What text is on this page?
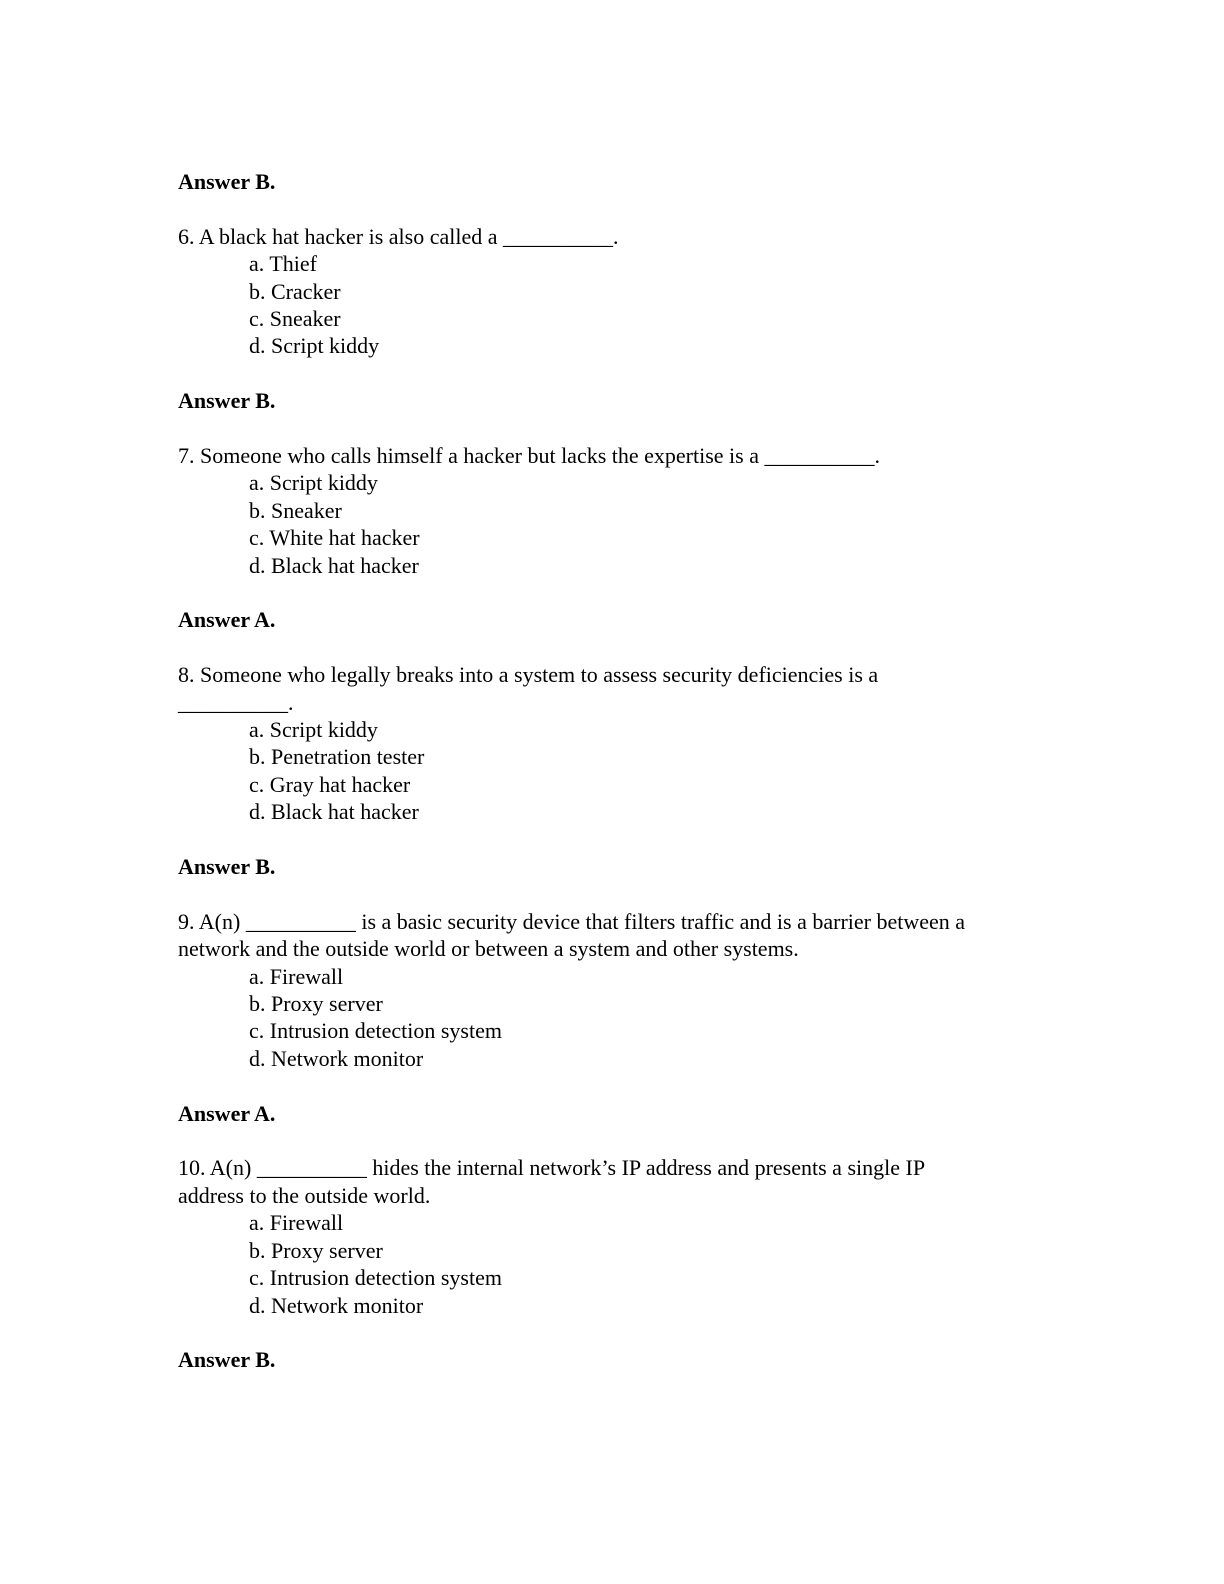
Answer B.

6. A black hat hacker is also called a __________.

a. Thief

b. Cracker

c. Sneaker

d. Script kiddy

Answer B.

7. Someone who calls himself a hacker but lacks the expertise is a __________.

a. Script kiddy

b. Sneaker

c. White hat hacker

d. Black hat hacker

Answer A.

8. Someone who legally breaks into a system to assess security deficiencies is a

__________.

a. Script kiddy

b. Penetration tester

c. Gray hat hacker

d. Black hat hacker

Answer B.

9. A(n) __________ is a basic security device that filters traffic and is a barrier between a

network and the outside world or between a system and other systems.

a. Firewall

b. Proxy server

c. Intrusion detection system

d. Network monitor

Answer A.

10. A(n) __________ hides the internal network’s IP address and presents a single IP

address to the outside world.

a. Firewall

b. Proxy server

c. Intrusion detection system

d. Network monitor

Answer B.
